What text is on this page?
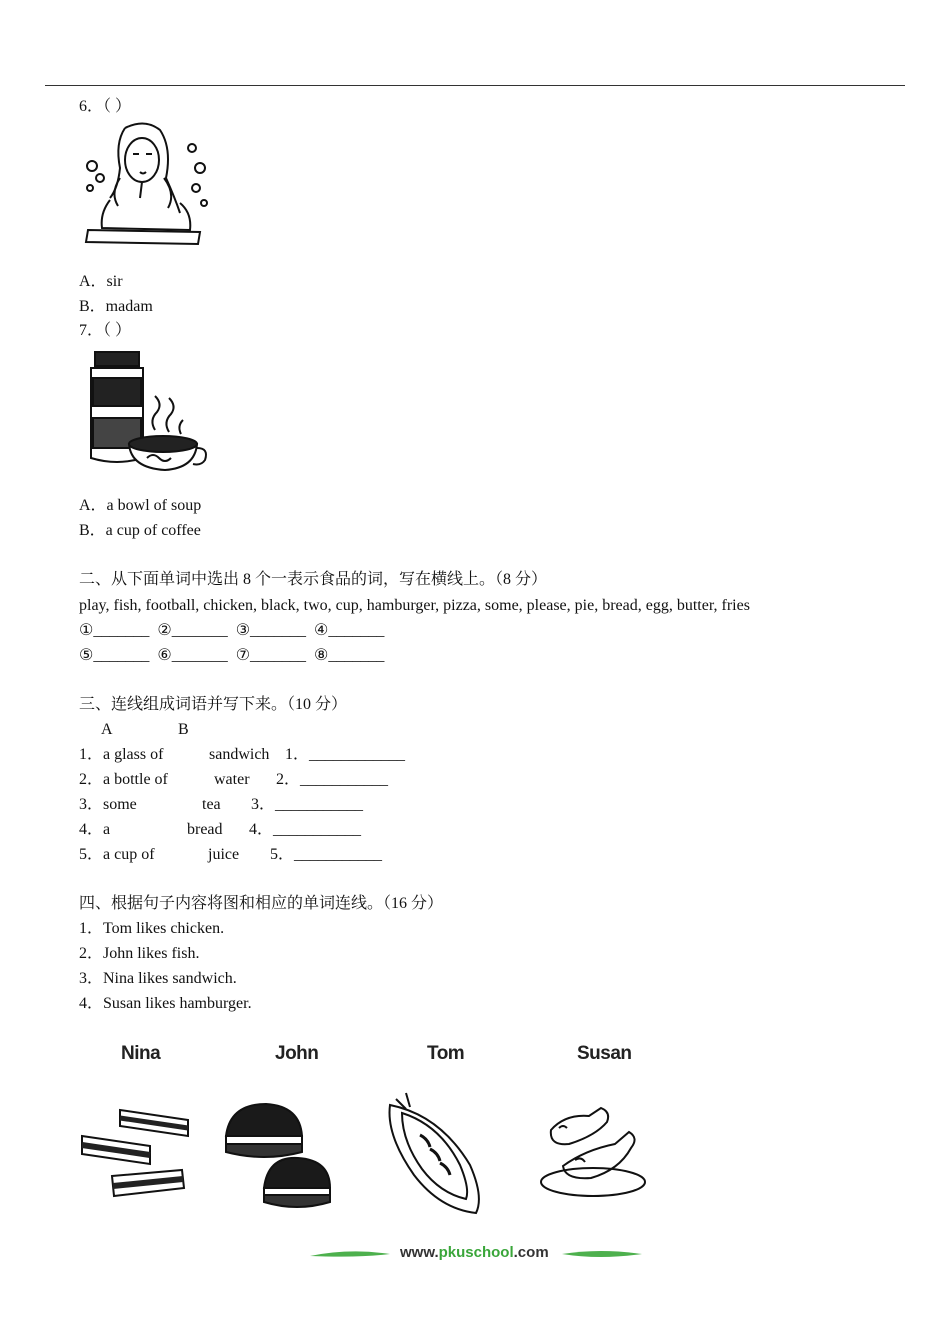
6．（ ）
A．sir
B．madam
7．（ ）
A．a bowl of soup
B．a cup of coffee
二、从下面单词中选出 8 个一表示食品的词，写在横线上。（8 分）
play, fish, football, chicken, black, two, cup, hamburger, pizza, some, please, pie, bread, egg, butter, fries
①_______  ②_______  ③_______  ④_______
⑤_______  ⑥_______  ⑦_______  ⑧_______
三、连线组成词语并写下来。（10 分）
A	B
1．a glass of	sandwich 1．____________
2．a bottle of	water 2．___________
3．some	tea 3．___________
4．a	bread 4．___________
5．a cup of	juice 5．___________
四、根据句子内容将图和相应的单词连线。（16 分）
1．Tom likes chicken.
2．John likes fish.
3．Nina likes sandwich.
4．Susan likes hamburger.
Nina	John	Tom	Susan
www.pkuschool.com
